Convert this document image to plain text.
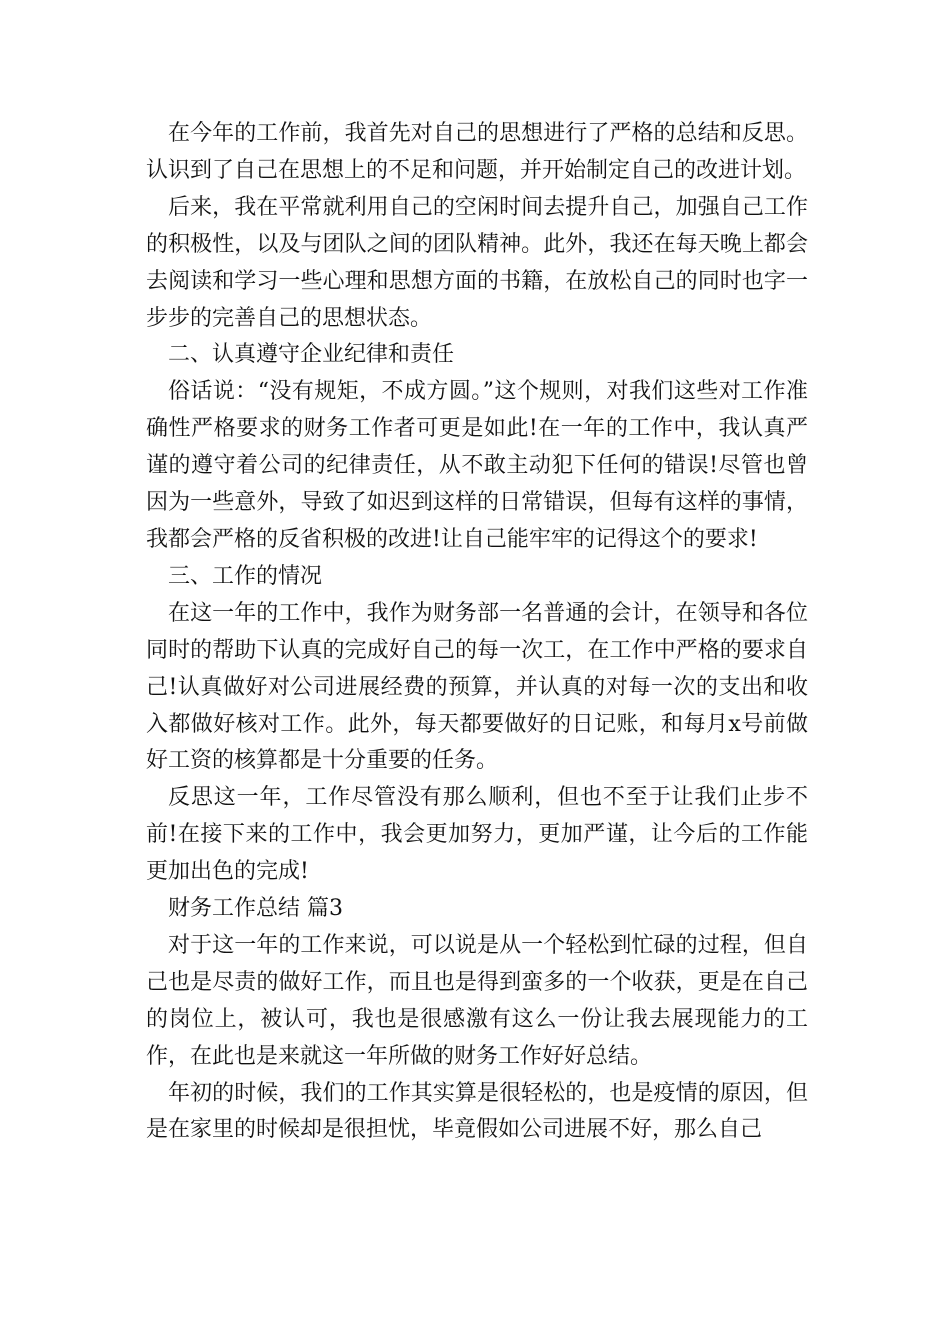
在今年的工作前，我首先对自己的思想进行了严格的总结和反思。认识到了自己在思想上的不足和问题，并开始制定自己的改进计划。

后来，我在平常就利用自己的空闲时间去提升自己，加强自己工作的积极性，以及与团队之间的团队精神。此外，我还在每天晚上都会去阅读和学习一些心理和思想方面的书籍，在放松自己的同时也字一步步的完善自己的思想状态。

二、认真遵守企业纪律和责任

俗话说：“没有规矩，不成方圆。”这个规则，对我们这些对工作准确性严格要求的财务工作者可更是如此!在一年的工作中，我认真严谨的遵守着公司的纪律责任，从不敢主动犯下任何的错误!尽管也曾因为一些意外，导致了如迟到这样的日常错误，但每有这样的事情，我都会严格的反省积极的改进!让自己能牢牢的记得这个的要求!

三、工作的情况

在这一年的工作中，我作为财务部一名普通的会计，在领导和各位同时的帮助下认真的完成好自己的每一次工，在工作中严格的要求自己!认真做好对公司进展经费的预算，并认真的对每一次的支出和收入都做好核对工作。此外，每天都要做好的日记账，和每月x号前做好工资的核算都是十分重要的任务。

反思这一年，工作尽管没有那么顺利，但也不至于让我们止步不前!在接下来的工作中，我会更加努力，更加严谨，让今后的工作能更加出色的完成!

财务工作总结 篇3

对于这一年的工作来说，可以说是从一个轻松到忙碌的过程，但自己也是尽责的做好工作，而且也是得到蛮多的一个收获，更是在自己的岗位上，被认可，我也是很感激有这么一份让我去展现能力的工作，在此也是来就这一年所做的财务工作好好总结。

年初的时候，我们的工作其实算是很轻松的，也是疫情的原因，但是在家里的时候却是很担忧，毕竟假如公司进展不好，那么自己
